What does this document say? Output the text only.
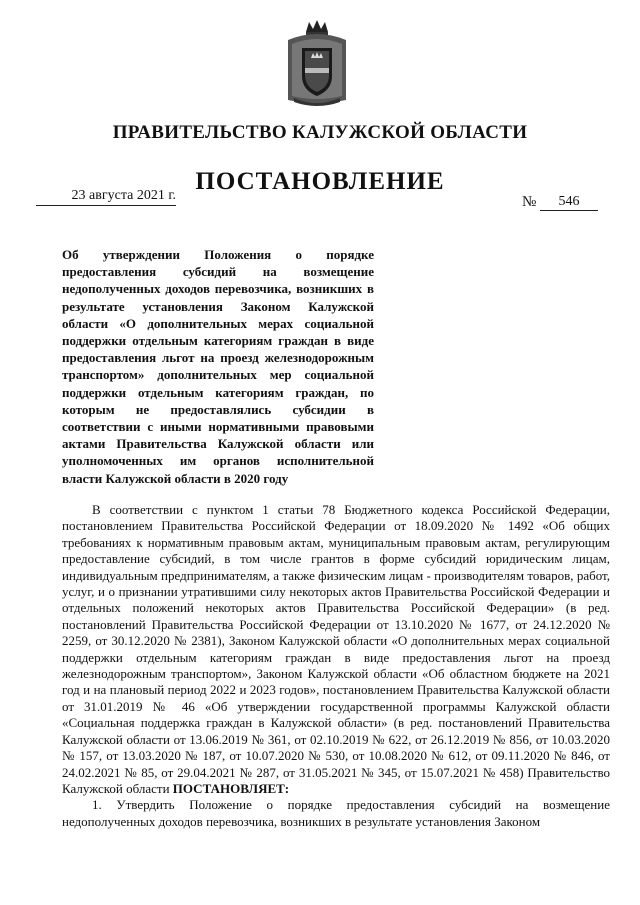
ПРАВИТЕЛЬСТВО КАЛУЖСКОЙ ОБЛАСТИ
ПОСТАНОВЛЕНИЕ
23 августа 2021 г.	№	546
Об утверждении Положения о порядке предоставления субсидий на возмещение недополученных доходов перевозчика, возникших в результате установления Законом Калужской области «О дополнительных мерах социальной поддержки отдельным категориям граждан в виде предоставления льгот на проезд железнодорожным транспортом» дополнительных мер социальной поддержки отдельным категориям граждан, по которым не предоставлялись субсидии в соответствии с иными нормативными правовыми актами Правительства Калужской области или уполномоченных им органов исполнительной власти Калужской области в 2020 году

В соответствии с пунктом 1 статьи 78 Бюджетного кодекса Российской Федерации, постановлением Правительства Российской Федерации от 18.09.2020 № 1492 «Об общих требованиях к нормативным правовым актам, муниципальным правовым актам, регулирующим предоставление субсидий, в том числе грантов в форме субсидий юридическим лицам, индивидуальным предпринимателям, а также физическим лицам - производителям товаров, работ, услуг, и о признании утратившими силу некоторых актов Правительства Российской Федерации и отдельных положений некоторых актов Правительства Российской Федерации» (в ред. постановлений Правительства Российской Федерации от 13.10.2020 № 1677, от 24.12.2020 № 2259, от 30.12.2020 № 2381), Законом Калужской области «О дополнительных мерах социальной поддержки отдельным категориям граждан в виде предоставления льгот на проезд железнодорожным транспортом», Законом Калужской области «Об областном бюджете на 2021 год и на плановый период 2022 и 2023 годов», постановлением Правительства Калужской области от 31.01.2019 № 46 «Об утверждении государственной программы Калужской области «Социальная поддержка граждан в Калужской области» (в ред. постановлений Правительства Калужской области от 13.06.2019 № 361, от 02.10.2019 № 622, от 26.12.2019 № 856, от 10.03.2020 № 157, от 13.03.2020 № 187, от 10.07.2020 № 530, от 10.08.2020 № 612, от 09.11.2020 № 846, от 24.02.2021 № 85, от 29.04.2021 № 287, от 31.05.2021 № 345, от 15.07.2021 № 458) Правительство Калужской области ПОСТАНОВЛЯЕТ:

1. Утвердить Положение о порядке предоставления субсидий на возмещение недополученных доходов перевозчика, возникших в результате установления Законом
